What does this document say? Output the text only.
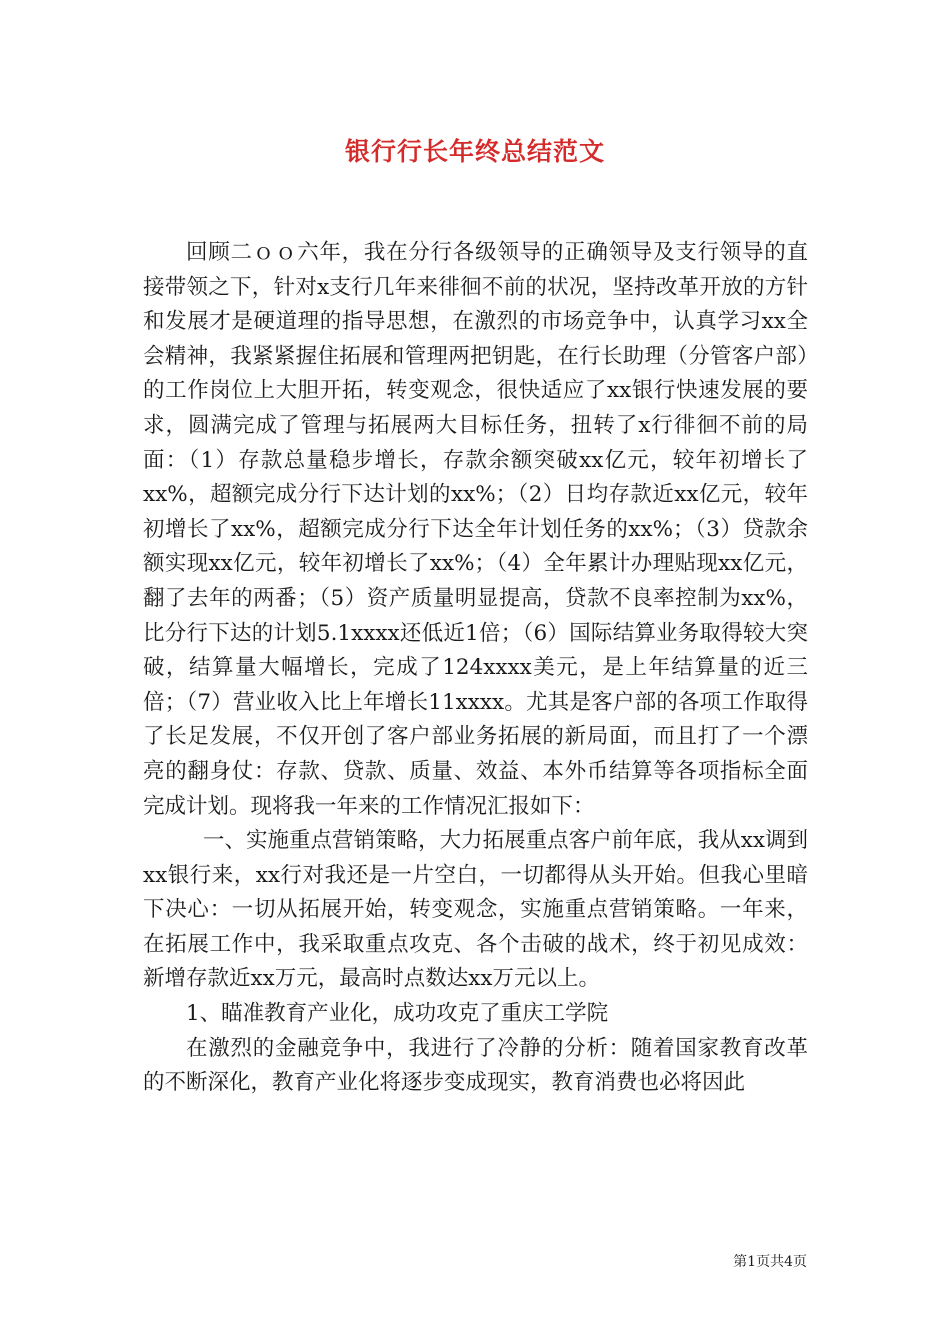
银行行长年终总结范文

回顾二ｏｏ六年，我在分行各级领导的正确领导及支行领导的直接带领之下，针对x支行几年来徘徊不前的状况，坚持改革开放的方针和发展才是硬道理的指导思想，在激烈的市场竞争中，认真学习xx全会精神，我紧紧握住拓展和管理两把钥匙，在行长助理（分管客户部）的工作岗位上大胆开拓，转变观念，很快适应了xx银行快速发展的要求，圆满完成了管理与拓展两大目标任务，扭转了x行徘徊不前的局面：（1）存款总量稳步增长，存款余额突破xx亿元，较年初增长了xx%，超额完成分行下达计划的xx%；（2）日均存款近xx亿元，较年初增长了xx%，超额完成分行下达全年计划任务的xx%；（3）贷款余额实现xx亿元，较年初增长了xx%；（4）全年累计办理贴现xx亿元，翻了去年的两番；（5）资产质量明显提高，贷款不良率控制为xx%，比分行下达的计划5.1xxxx还低近1倍；（6）国际结算业务取得较大突破，结算量大幅增长，完成了124xxxx美元，是上年结算量的近三倍；（7）营业收入比上年增长11xxxx。尤其是客户部的各项工作取得了长足发展，不仅开创了客户部业务拓展的新局面，而且打了一个漂亮的翻身仗：存款、贷款、质量、效益、本外币结算等各项指标全面完成计划。现将我一年来的工作情况汇报如下：

一、实施重点营销策略，大力拓展重点客户前年底，我从xx调到xx银行来，xx行对我还是一片空白，一切都得从头开始。但我心里暗下决心：一切从拓展开始，转变观念，实施重点营销策略。一年来，在拓展工作中，我采取重点攻克、各个击破的战术，终于初见成效：新增存款近xx万元，最高时点数达xx万元以上。

1、瞄准教育产业化，成功攻克了重庆工学院

在激烈的金融竞争中，我进行了冷静的分析：随着国家教育改革的不断深化，教育产业化将逐步变成现实，教育消费也必将因此

第1页共4页
